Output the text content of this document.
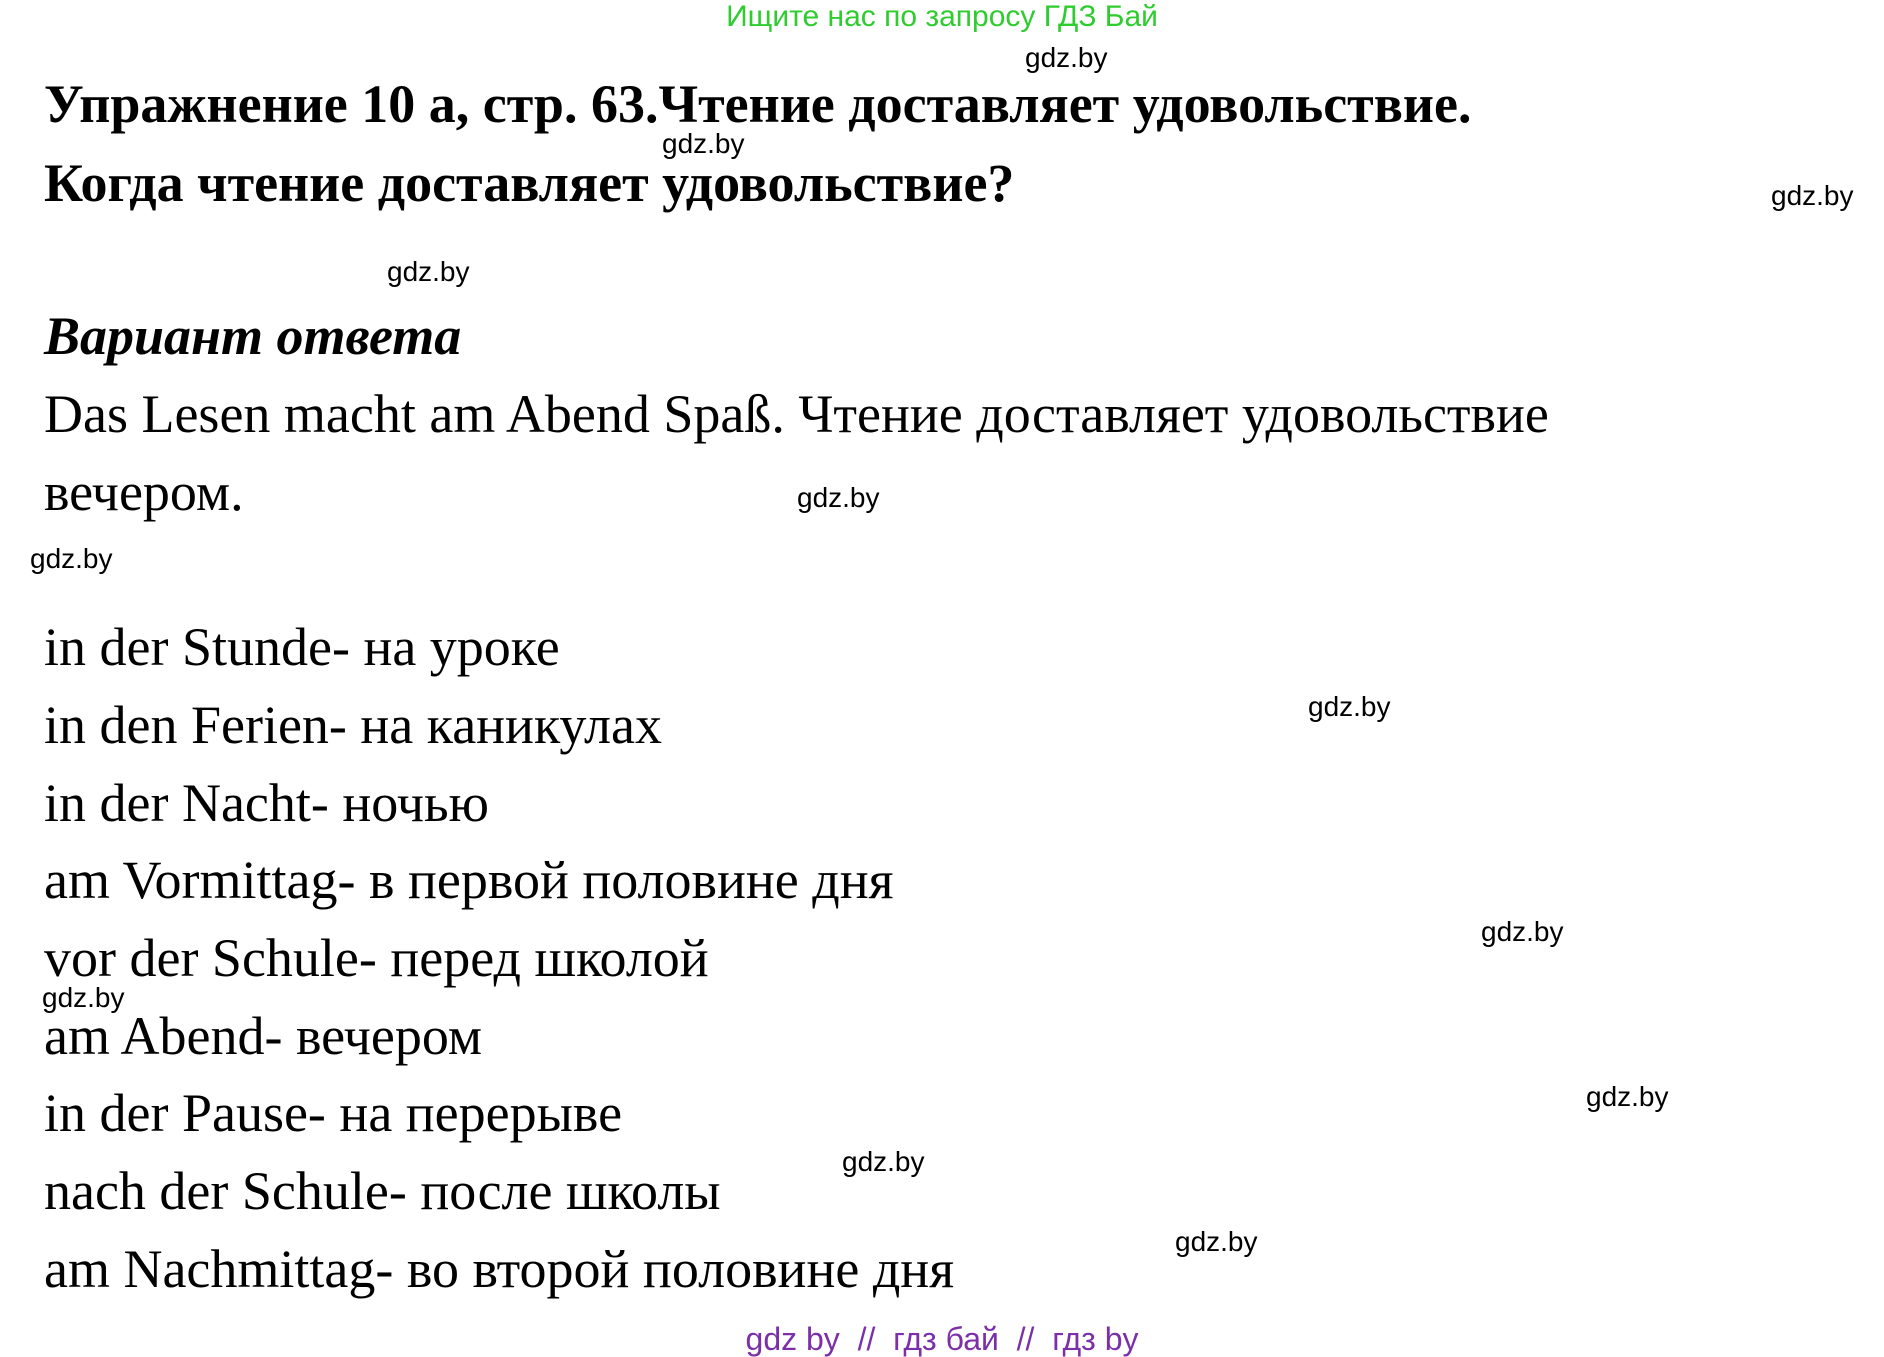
Ищите нас по запросу ГДЗ Бай
gdz.by
gdz.by
gdz.by
gdz.by
gdz.by
gdz.by
gdz.by
gdz.by
gdz.by
gdz.by
gdz.by
gdz.by
Упражнение 10 а, стр. 63.Чтение доставляет удовольствие.
Когда чтение доставляет удовольствие?
Вариант ответа
Das Lesen macht am Abend Spaß. Чтение доставляет удовольствие
вечером.
in der Stunde- на уроке
in den Ferien- на каникулах
in der Nacht- ночью
am Vormittag- в первой половине дня
vor der Schule- перед школой
am Abend- вечером
in der Pause- на перерыве
nach der Schule- после школы
am Nachmittag- во второй половине дня
gdz by  //  гдз бай  //  гдз by
